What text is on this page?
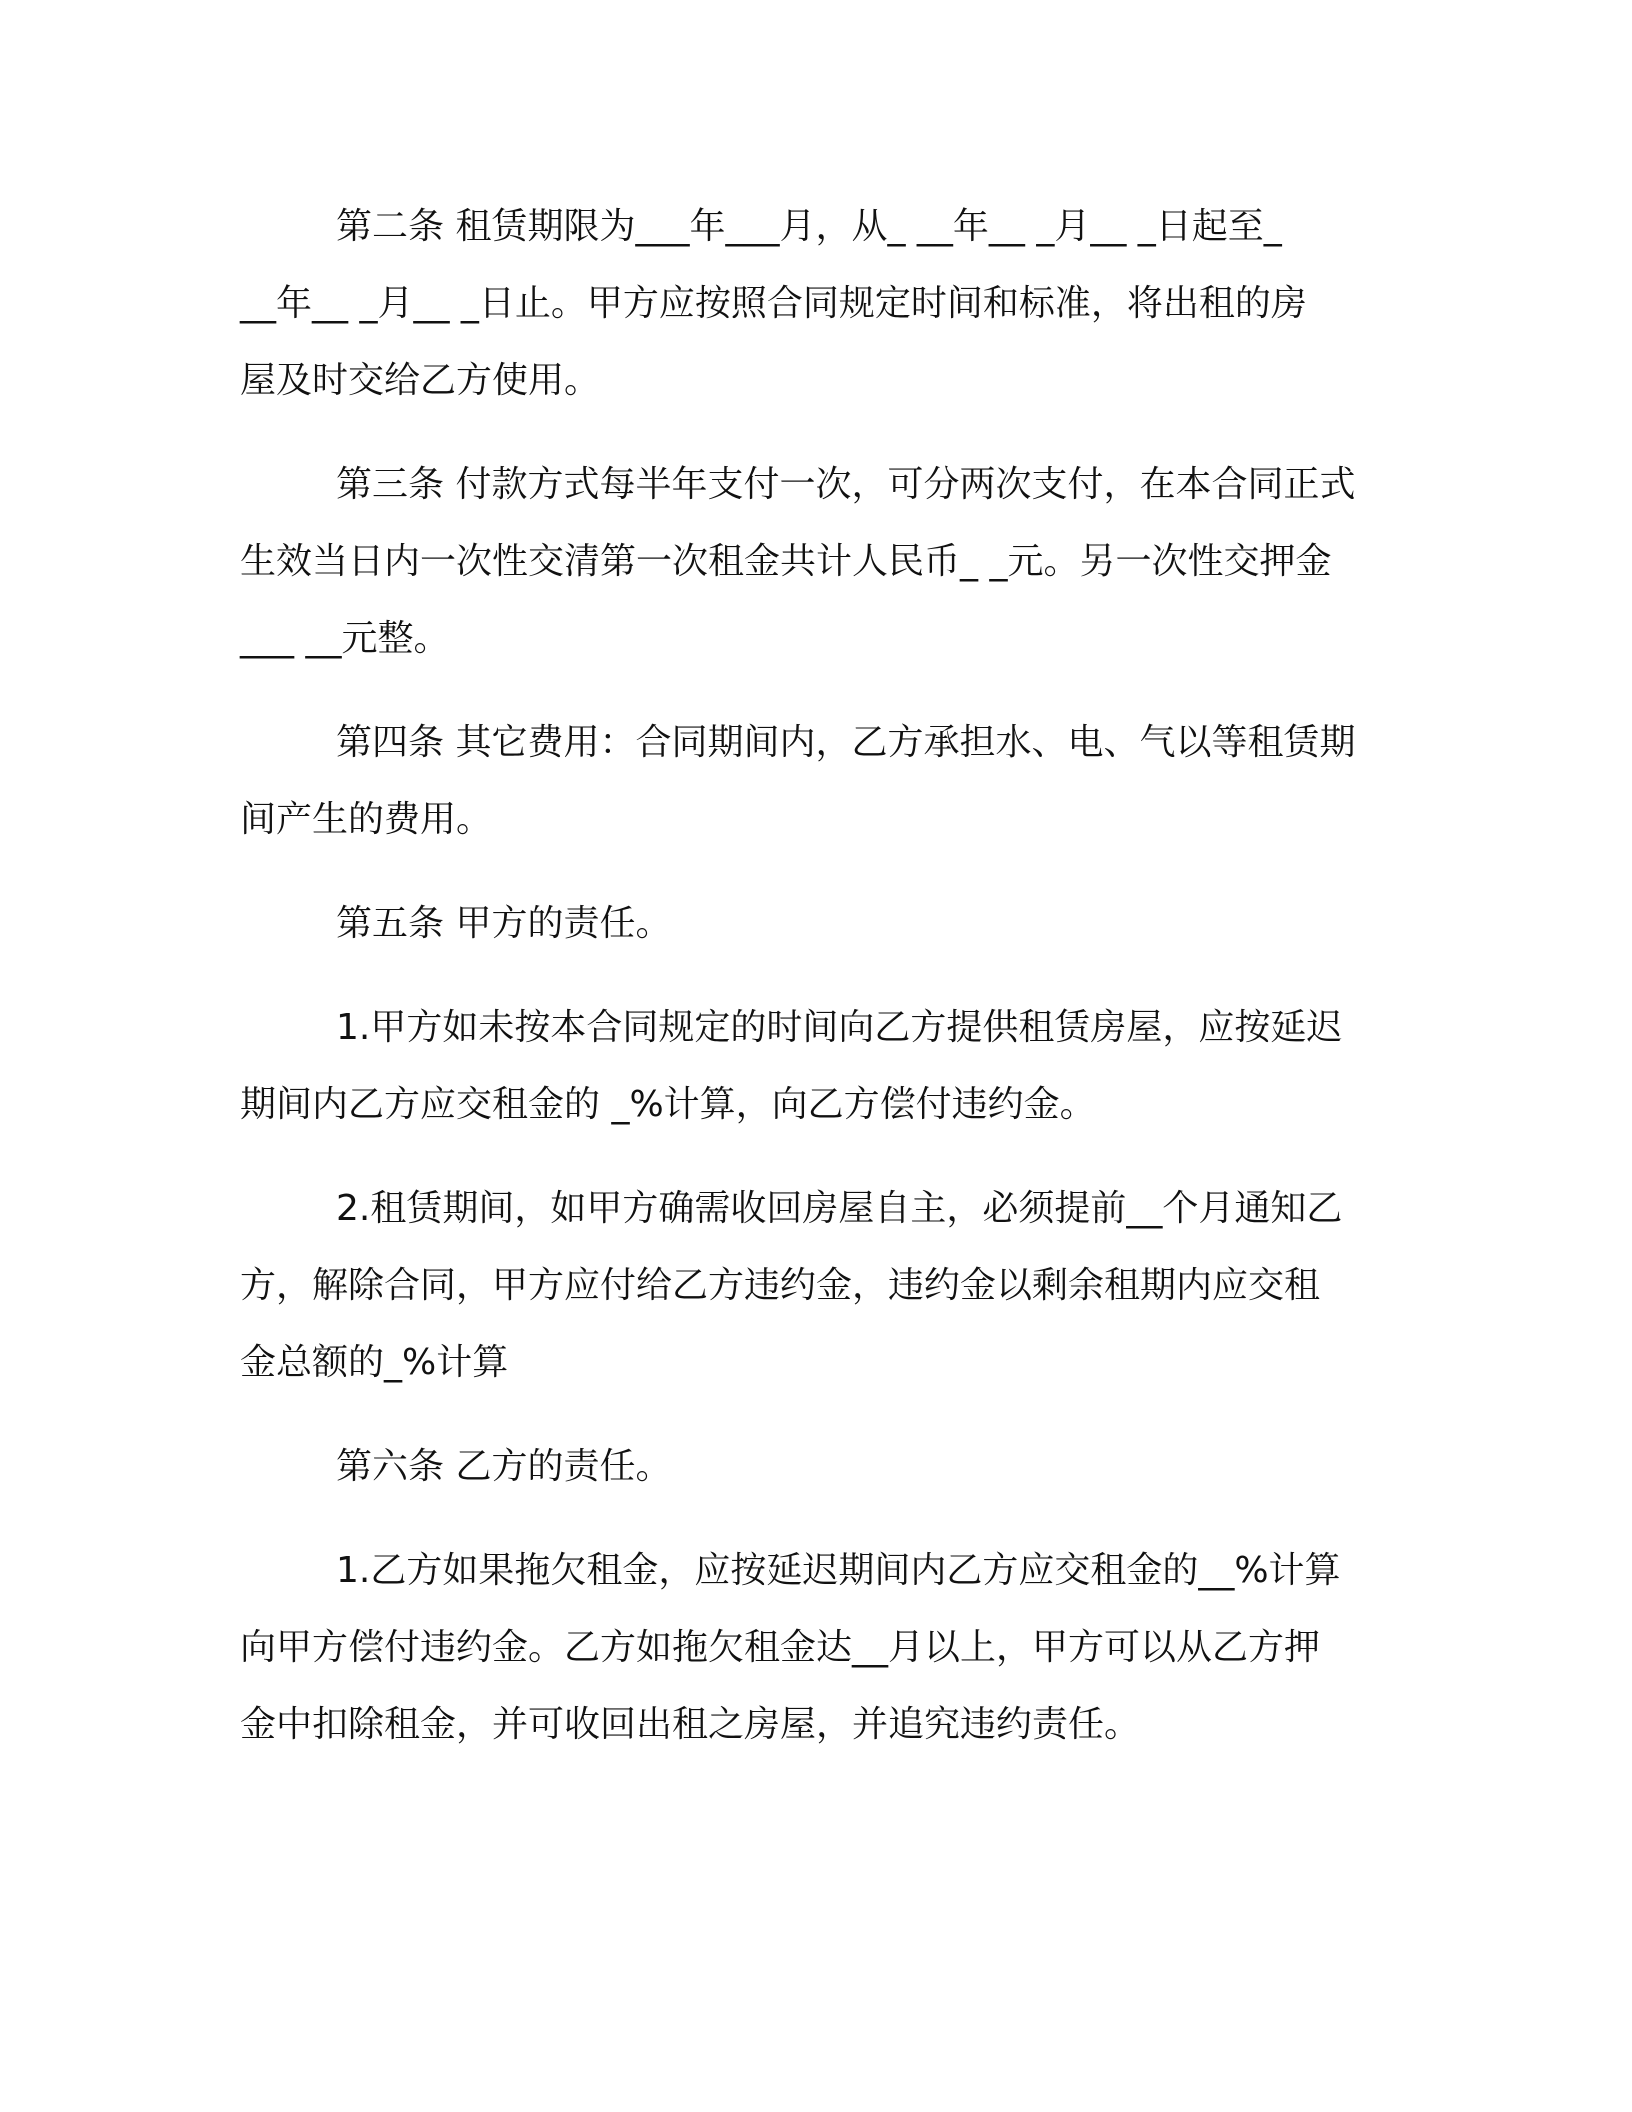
第二条 租赁期限为___年___月，从_ __年__ _月__ _日起至_
__年__ _月__ _日止。甲方应按照合同规定时间和标准，将出租的房
屋及时交给乙方使用。

第三条 付款方式每半年支付一次，可分两次支付，在本合同正式
生效当日内一次性交清第一次租金共计人民币_ _元。另一次性交押金
___ __元整。

第四条 其它费用：合同期间内，乙方承担水、电、气以等租赁期
间产生的费用。

第五条 甲方的责任。

1.甲方如未按本合同规定的时间向乙方提供租赁房屋，应按延迟
期间内乙方应交租金的 _%计算，向乙方偿付违约金。

2.租赁期间，如甲方确需收回房屋自主，必须提前__个月通知乙
方，解除合同，甲方应付给乙方违约金，违约金以剩余租期内应交租
金总额的_%计算

第六条 乙方的责任。

1.乙方如果拖欠租金，应按延迟期间内乙方应交租金的__%计算
向甲方偿付违约金。乙方如拖欠租金达__月以上，甲方可以从乙方押
金中扣除租金，并可收回出租之房屋，并追究违约责任。
